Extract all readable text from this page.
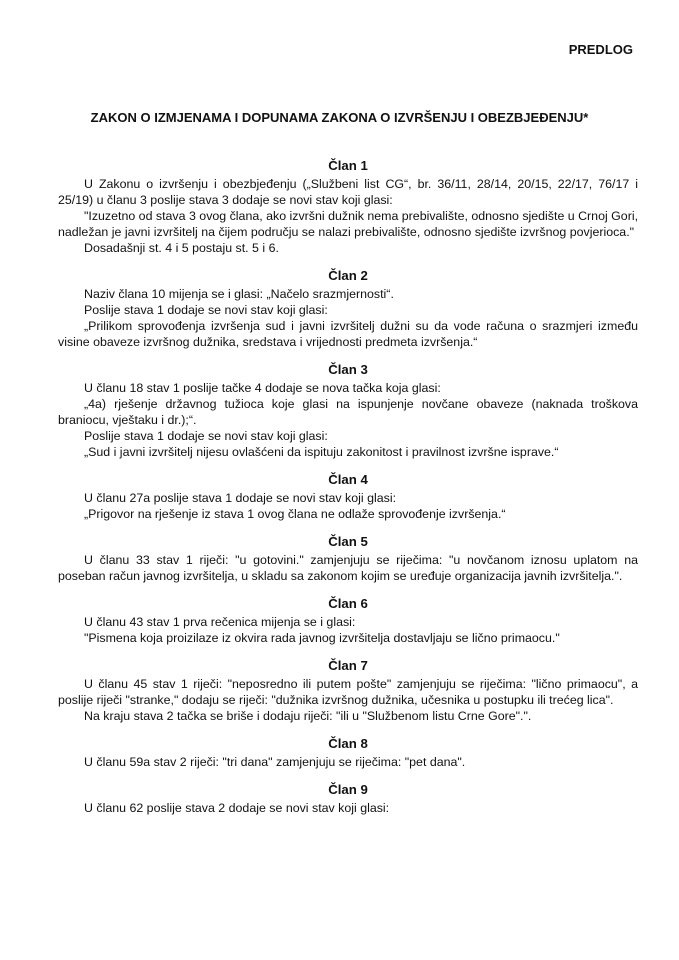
PREDLOG
ZAKON O IZMJENAMA I DOPUNAMA ZAKONA O IZVRŠENJU I OBEZBJEĐENJU*
Član 1

U Zakonu o izvršenju i obezbjeđenju („Službeni list CG“, br. 36/11, 28/14, 20/15, 22/17, 76/17 i 25/19) u članu 3 poslije stava 3 dodaje se novi stav koji glasi:

"Izuzetno od stava 3 ovog člana, ako izvršni dužnik nema prebivalište, odnosno sjedište u Crnoj Gori, nadležan je javni izvršitelj na čijem području se nalazi prebivalište, odnosno sjedište izvršnog povjerioca."

Dosadašnji st. 4 i 5 postaju st. 5 i 6.

Član 2

Naziv člana 10 mijenja se i glasi: „Načelo srazmjernosti“.

Poslije stava 1 dodaje se novi stav koji glasi:

„Prilikom sprovođenja izvršenja sud i javni izvršitelj dužni su da vode računa o srazmjeri između visine obaveze izvršnog dužnika, sredstava i vrijednosti predmeta izvršenja.“

Član 3

U članu 18 stav 1 poslije tačke 4 dodaje se nova tačka koja glasi:

„4a) rješenje državnog tužioca koje glasi na ispunjenje novčane obaveze (naknada troškova braniocu, vještaku i dr.);“.

Poslije stava 1 dodaje se novi stav koji glasi:

„Sud i javni izvršitelj nijesu ovlašćeni da ispituju zakonitost i pravilnost izvršne isprave.“

Član 4

U članu 27a poslije stava 1 dodaje se novi stav koji glasi:

„Prigovor na rješenje iz stava 1 ovog člana ne odlaže sprovođenje izvršenja.“

Član 5

U članu 33 stav 1 riječi: "u gotovini." zamjenjuju se riječima: "u novčanom iznosu uplatom na poseban račun javnog izvršitelja, u skladu sa zakonom kojim se uređuje organizacija javnih izvršitelja.".

Član 6

U članu 43 stav 1 prva rečenica mijenja se i glasi:

"Pismena koja proizilaze iz okvira rada javnog izvršitelja dostavljaju se lično primaocu."

Član 7

U članu 45 stav 1 riječi: "neposredno ili putem pošte" zamjenjuju se riječima: "lično primaocu", a poslije riječi "stranke," dodaju se riječi: "dužnika izvršnog dužnika, učesnika u postupku ili trećeg lica".

Na kraju stava 2 tačka se briše i dodaju riječi: "ili u "Službenom listu Crne Gore".".

Član 8

U članu 59a stav 2 riječi: "tri dana" zamjenjuju se riječima: "pet dana".

Član 9

U članu 62 poslije stava 2 dodaje se novi stav koji glasi:
